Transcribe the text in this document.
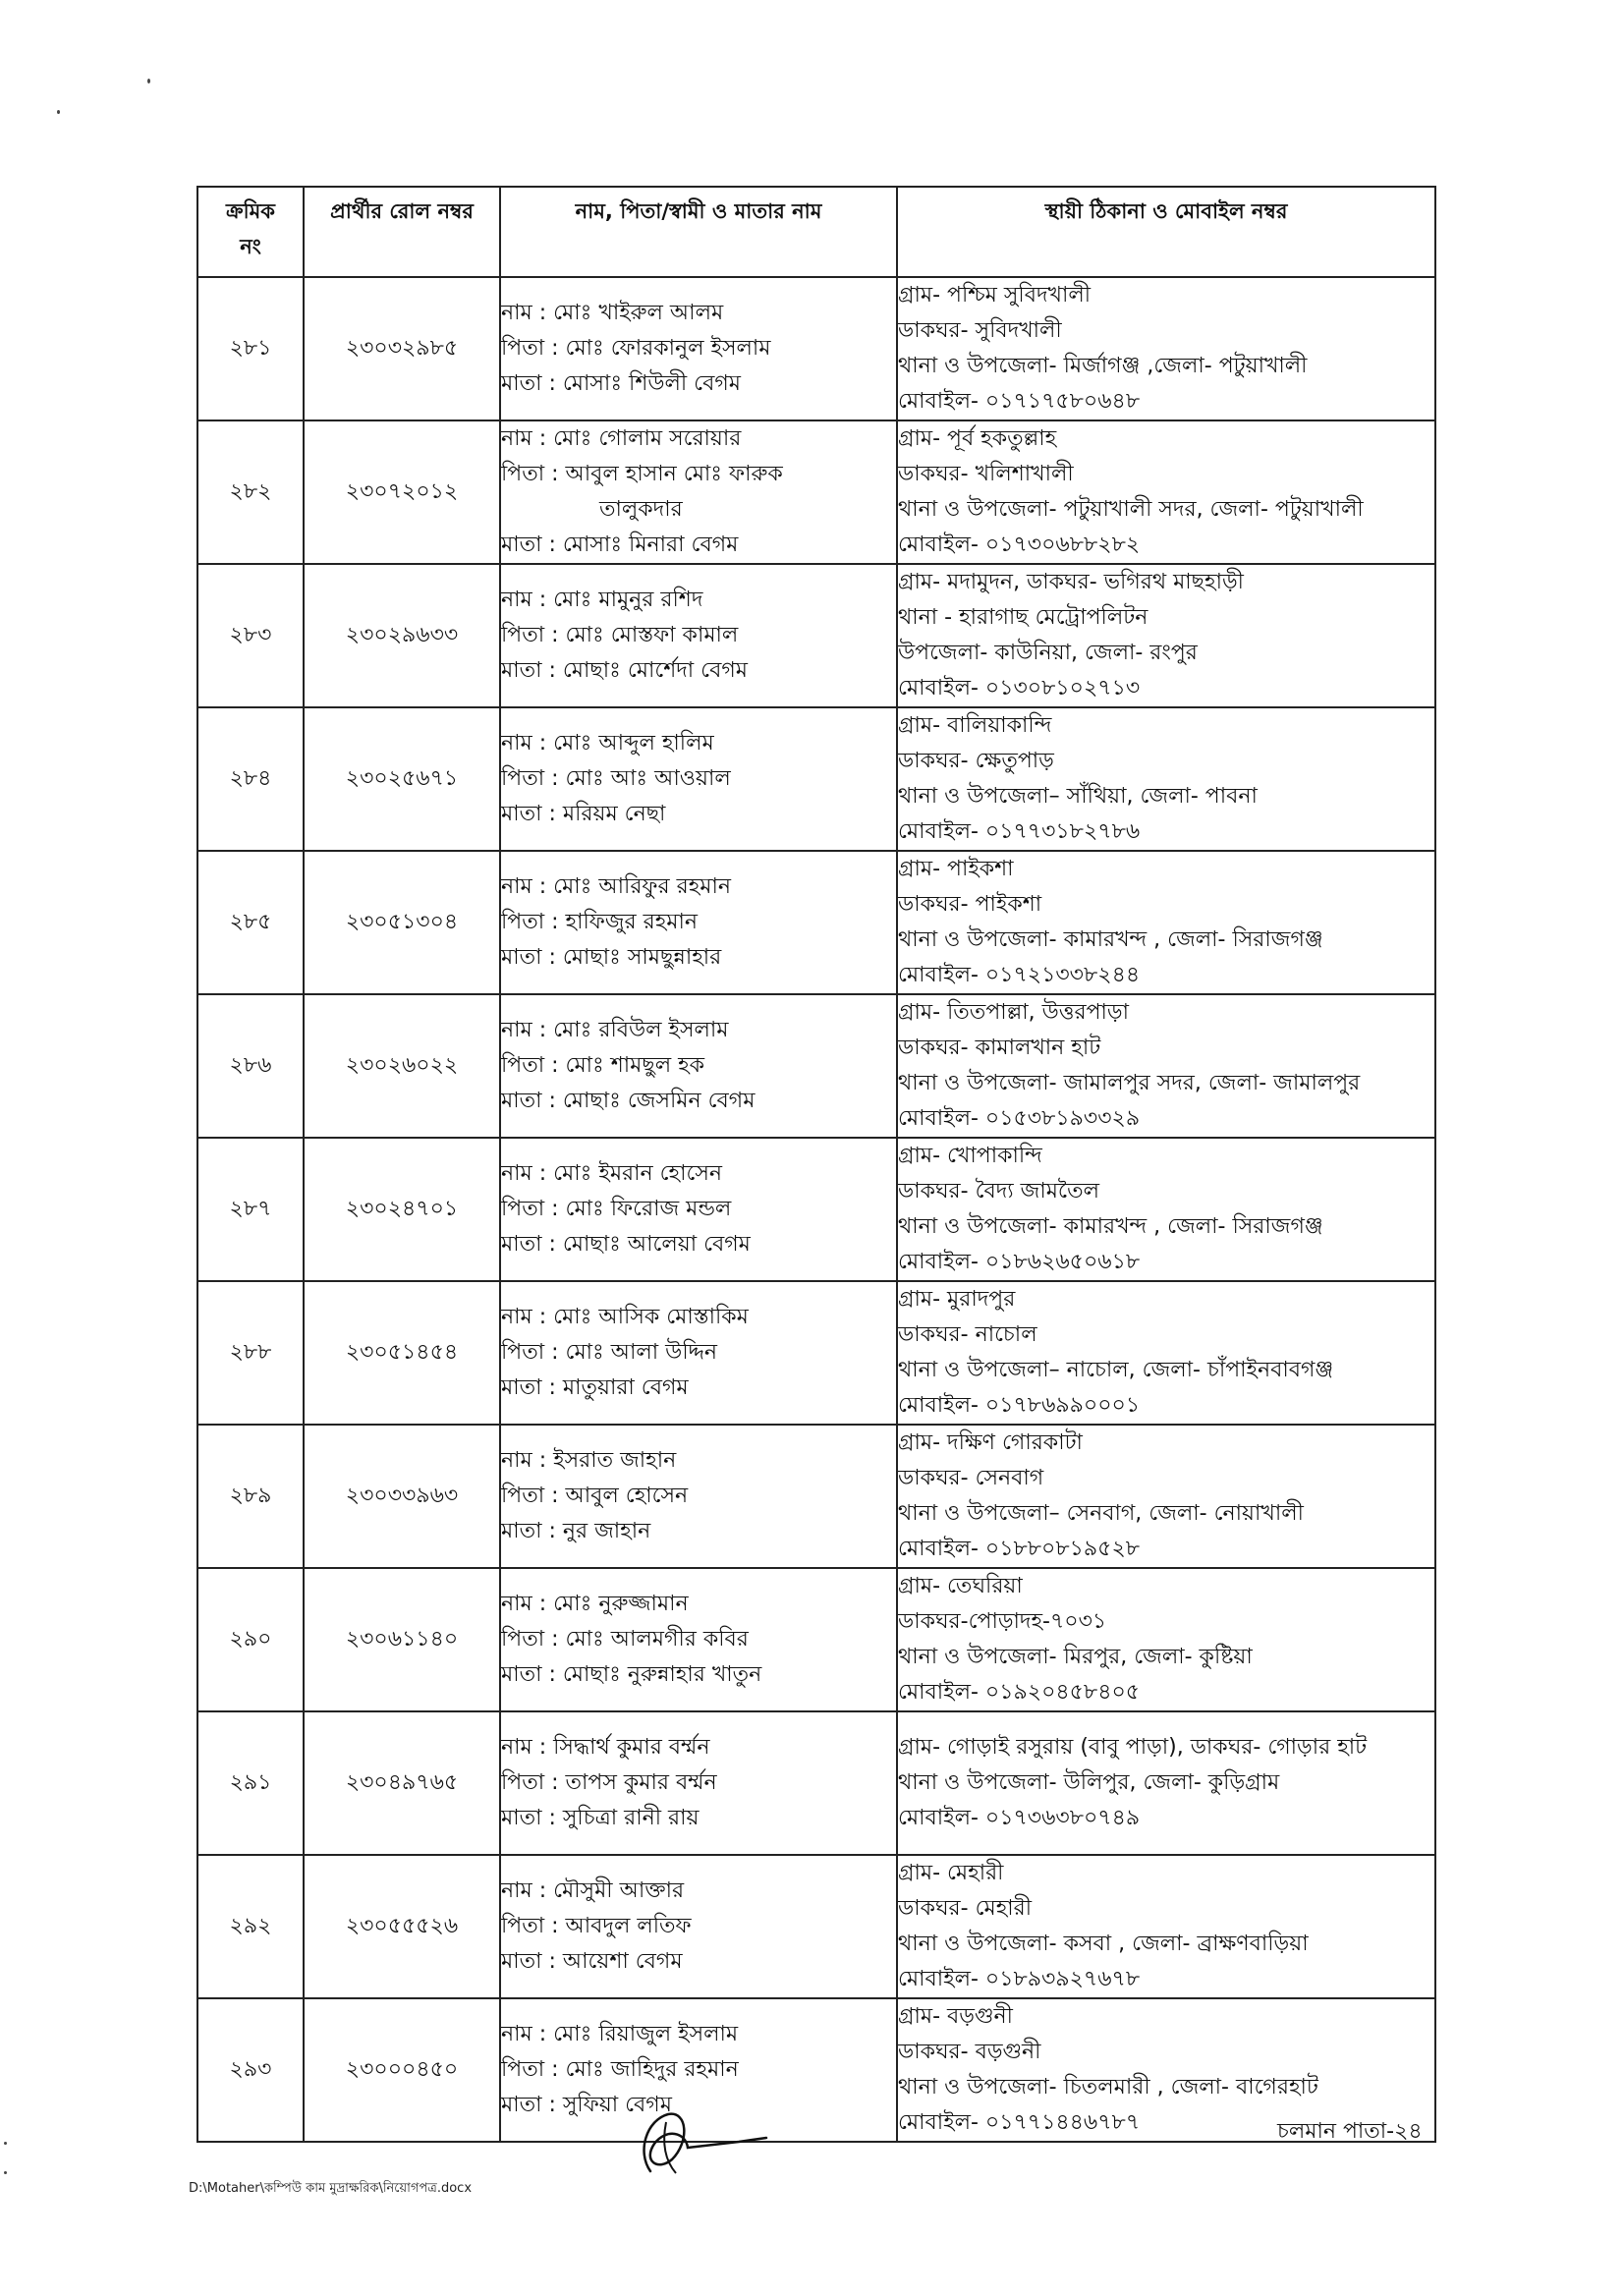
ক্রমিক নং	প্রার্থীর রোল নম্বর	নাম, পিতা/স্বামী ও মাতার নাম	স্থায়ী ঠিকানা ও মোবাইল নম্বর
২৮১	২৩০৩২৯৮৫	নাম : মোঃ খাইরুল আলম
পিতা : মোঃ ফোরকানুল ইসলাম
মাতা : মোসাঃ শিউলী বেগম	গ্রাম- পশ্চিম সুবিদখালী
ডাকঘর- সুবিদখালী
থানা ও উপজেলা- মির্জাগঞ্জ ,জেলা- পটুয়াখালী
মোবাইল- ০১৭১৭৫৮০৬৪৮

২৮২	২৩০৭২০১২	নাম : মোঃ গোলাম সরোয়ার
পিতা : আবুল হাসান মোঃ ফারুক
তালুকদার
মাতা : মোসাঃ মিনারা বেগম	গ্রাম- পূর্ব হকতুল্লাহ
ডাকঘর- খলিশাখালী
থানা ও উপজেলা- পটুয়াখালী সদর, জেলা- পটুয়াখালী
মোবাইল- ০১৭৩০৬৮৮২৮২

২৮৩	২৩০২৯৬৩৩	নাম : মোঃ মামুনুর রশিদ
পিতা : মোঃ মোস্তফা কামাল
মাতা : মোছাঃ মোর্শেদা বেগম	গ্রাম- মদামুদন, ডাকঘর- ভগিরথ মাছহাড়ী
থানা - হারাগাছ মেট্রোপলিটন
উপজেলা- কাউনিয়া, জেলা- রংপুর
মোবাইল- ০১৩০৮১০২৭১৩

২৮৪	২৩০২৫৬৭১	নাম : মোঃ আব্দুল হালিম
পিতা : মোঃ আঃ আওয়াল
মাতা : মরিয়ম নেছা	গ্রাম- বালিয়াকান্দি
ডাকঘর- ক্ষেতুপাড়
থানা ও উপজেলা– সাঁথিয়া, জেলা- পাবনা
মোবাইল- ০১৭৭৩১৮২৭৮৬

২৮৫	২৩০৫১৩০৪	নাম : মোঃ আরিফুর রহমান
পিতা : হাফিজুর রহমান
মাতা : মোছাঃ সামছুন্নাহার	গ্রাম- পাইকশা
ডাকঘর- পাইকশা
থানা ও উপজেলা- কামারখন্দ , জেলা- সিরাজগঞ্জ
মোবাইল- ০১৭২১৩৩৮২৪৪

২৮৬	২৩০২৬০২২	নাম : মোঃ রবিউল ইসলাম
পিতা : মোঃ শামছুল হক
মাতা : মোছাঃ জেসমিন বেগম	গ্রাম- তিতপাল্লা, উত্তরপাড়া
ডাকঘর- কামালখান হাট
থানা ও উপজেলা- জামালপুর সদর, জেলা- জামালপুর
মোবাইল- ০১৫৩৮১৯৩৩২৯

২৮৭	২৩০২৪৭০১	নাম : মোঃ ইমরান হোসেন
পিতা : মোঃ ফিরোজ মন্ডল
মাতা : মোছাঃ আলেয়া বেগম	গ্রাম- খোপাকান্দি
ডাকঘর- বৈদ্য জামতৈল
থানা ও উপজেলা- কামারখন্দ , জেলা- সিরাজগঞ্জ
মোবাইল- ০১৮৬২৬৫০৬১৮

২৮৮	২৩০৫১৪৫৪	নাম : মোঃ আসিক মোস্তাকিম
পিতা : মোঃ আলা উদ্দিন
মাতা : মাতুয়ারা বেগম	গ্রাম- মুরাদপুর
ডাকঘর- নাচোল
থানা ও উপজেলা– নাচোল, জেলা- চাঁপাইনবাবগঞ্জ
মোবাইল- ০১৭৮৬৯৯০০০১

২৮৯	২৩০৩৩৯৬৩	নাম : ইসরাত জাহান
পিতা : আবুল হোসেন
মাতা : নুর জাহান	গ্রাম- দক্ষিণ গোরকাটা
ডাকঘর- সেনবাগ
থানা ও উপজেলা– সেনবাগ, জেলা- নোয়াখালী
মোবাইল- ০১৮৮০৮১৯৫২৮

২৯০	২৩০৬১১৪০	নাম : মোঃ নুরুজ্জামান
পিতা : মোঃ আলমগীর কবির
মাতা : মোছাঃ নুরুন্নাহার খাতুন	গ্রাম- তেঘরিয়া
ডাকঘর-পোড়াদহ-৭০৩১
থানা ও উপজেলা- মিরপুর, জেলা- কুষ্টিয়া
মোবাইল- ০১৯২০৪৫৮৪০৫

২৯১	২৩০৪৯৭৬৫	নাম : সিদ্ধার্থ কুমার বর্ম্মন
পিতা : তাপস কুমার বর্ম্মন
মাতা : সুচিত্রা রানী রায়	গ্রাম- গোড়াই রসুরায় (বাবু পাড়া), ডাকঘর- গোড়ার হাট
থানা ও উপজেলা- উলিপুর, জেলা- কুড়িগ্রাম
মোবাইল- ০১৭৩৬৩৮০৭৪৯

২৯২	২৩০৫৫৫২৬	নাম : মৌসুমী আক্তার
পিতা : আবদুল লতিফ
মাতা : আয়েশা বেগম	গ্রাম- মেহারী
ডাকঘর- মেহারী
থানা ও উপজেলা- কসবা , জেলা- ব্রাক্ষণবাড়িয়া
মোবাইল- ০১৮৯৩৯২৭৬৭৮

২৯৩	২৩০০০৪৫০	নাম : মোঃ রিয়াজুল ইসলাম
পিতা : মোঃ জাহিদুর রহমান
মাতা : সুফিয়া বেগম	গ্রাম- বড়গুনী
ডাকঘর- বড়গুনী
থানা ও উপজেলা- চিতলমারী , জেলা- বাগেরহাট
মোবাইল- ০১৭৭১৪৪৬৭৮৭
D:\Motaher\কম্পিউ কাম মুদ্রাক্ষরিক\নিয়োগপত্র.docx
চলমান পাতা-২৪
